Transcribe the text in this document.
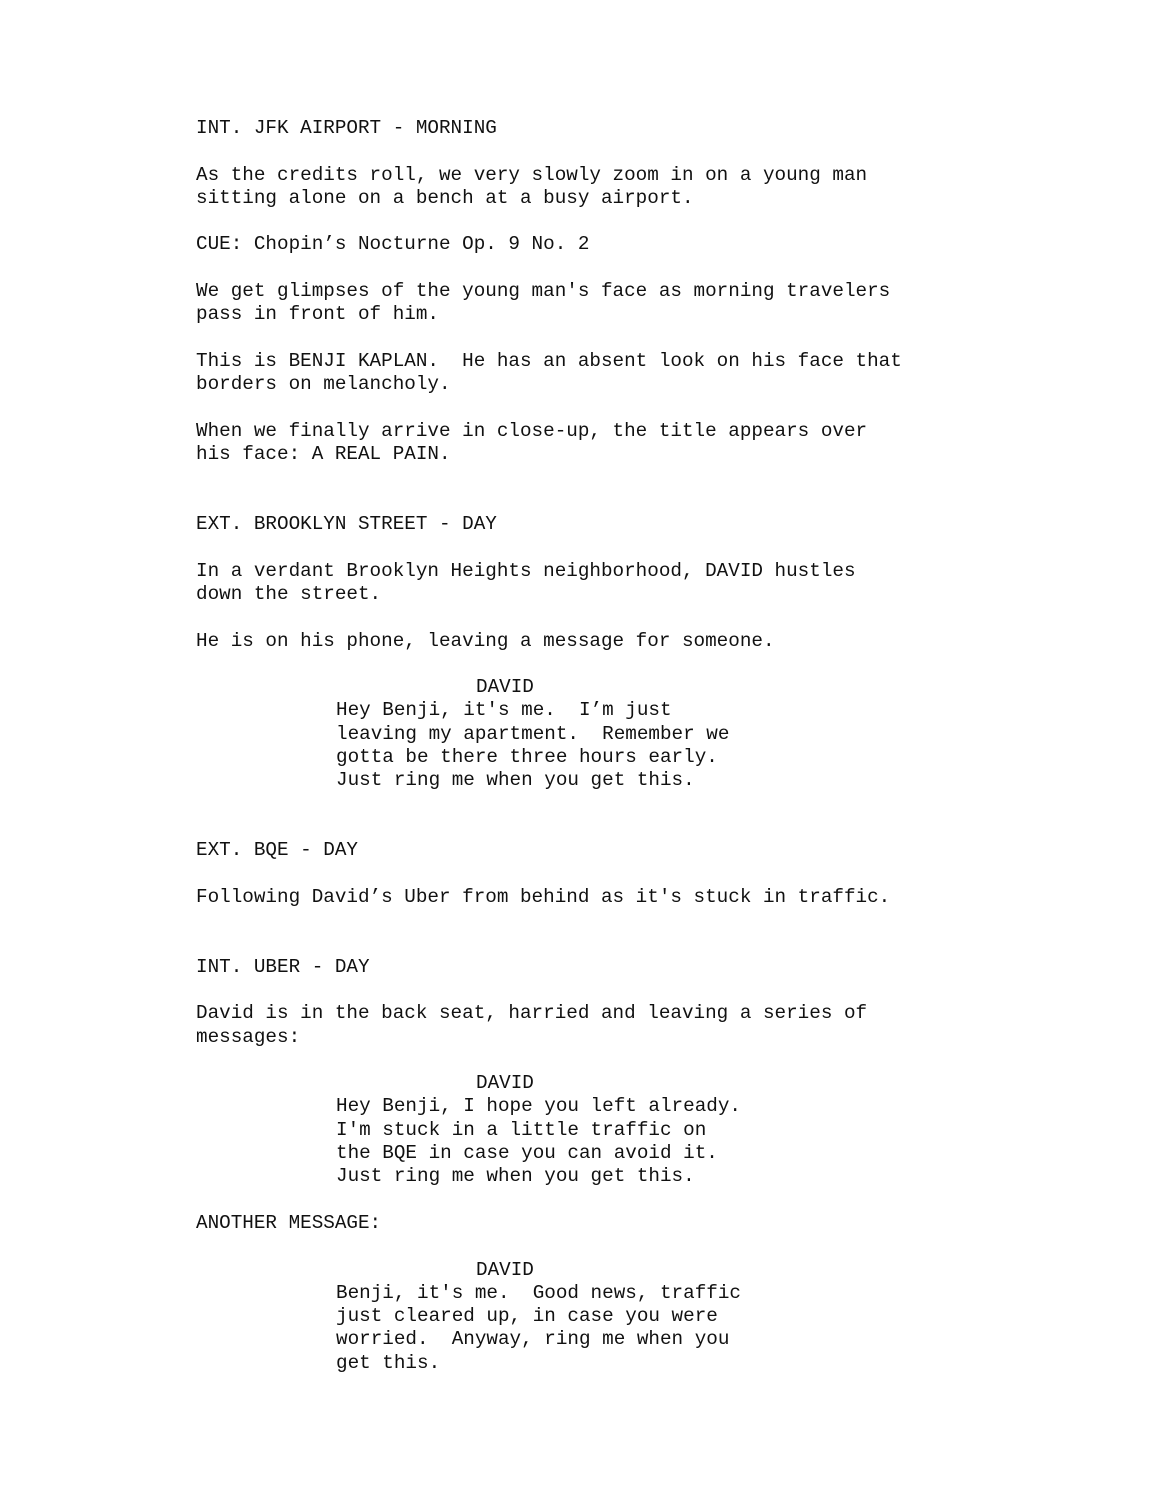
INT. JFK AIRPORT - MORNING
As the credits roll, we very slowly zoom in on a young man
sitting alone on a bench at a busy airport.
CUE: Chopin’s Nocturne Op. 9 No. 2
We get glimpses of the young man's face as morning travelers
pass in front of him.
This is BENJI KAPLAN.  He has an absent look on his face that
borders on melancholy.
When we finally arrive in close-up, the title appears over
his face: A REAL PAIN.
EXT. BROOKLYN STREET - DAY
In a verdant Brooklyn Heights neighborhood, DAVID hustles
down the street.
He is on his phone, leaving a message for someone.
DAVID
Hey Benji, it's me.  I’m just
leaving my apartment.  Remember we
gotta be there three hours early.
Just ring me when you get this.
EXT. BQE - DAY
Following David’s Uber from behind as it's stuck in traffic.
INT. UBER - DAY
David is in the back seat, harried and leaving a series of
messages:
DAVID
Hey Benji, I hope you left already.
I'm stuck in a little traffic on
the BQE in case you can avoid it.
Just ring me when you get this.
ANOTHER MESSAGE:
DAVID
Benji, it's me.  Good news, traffic
just cleared up, in case you were
worried.  Anyway, ring me when you
get this.
